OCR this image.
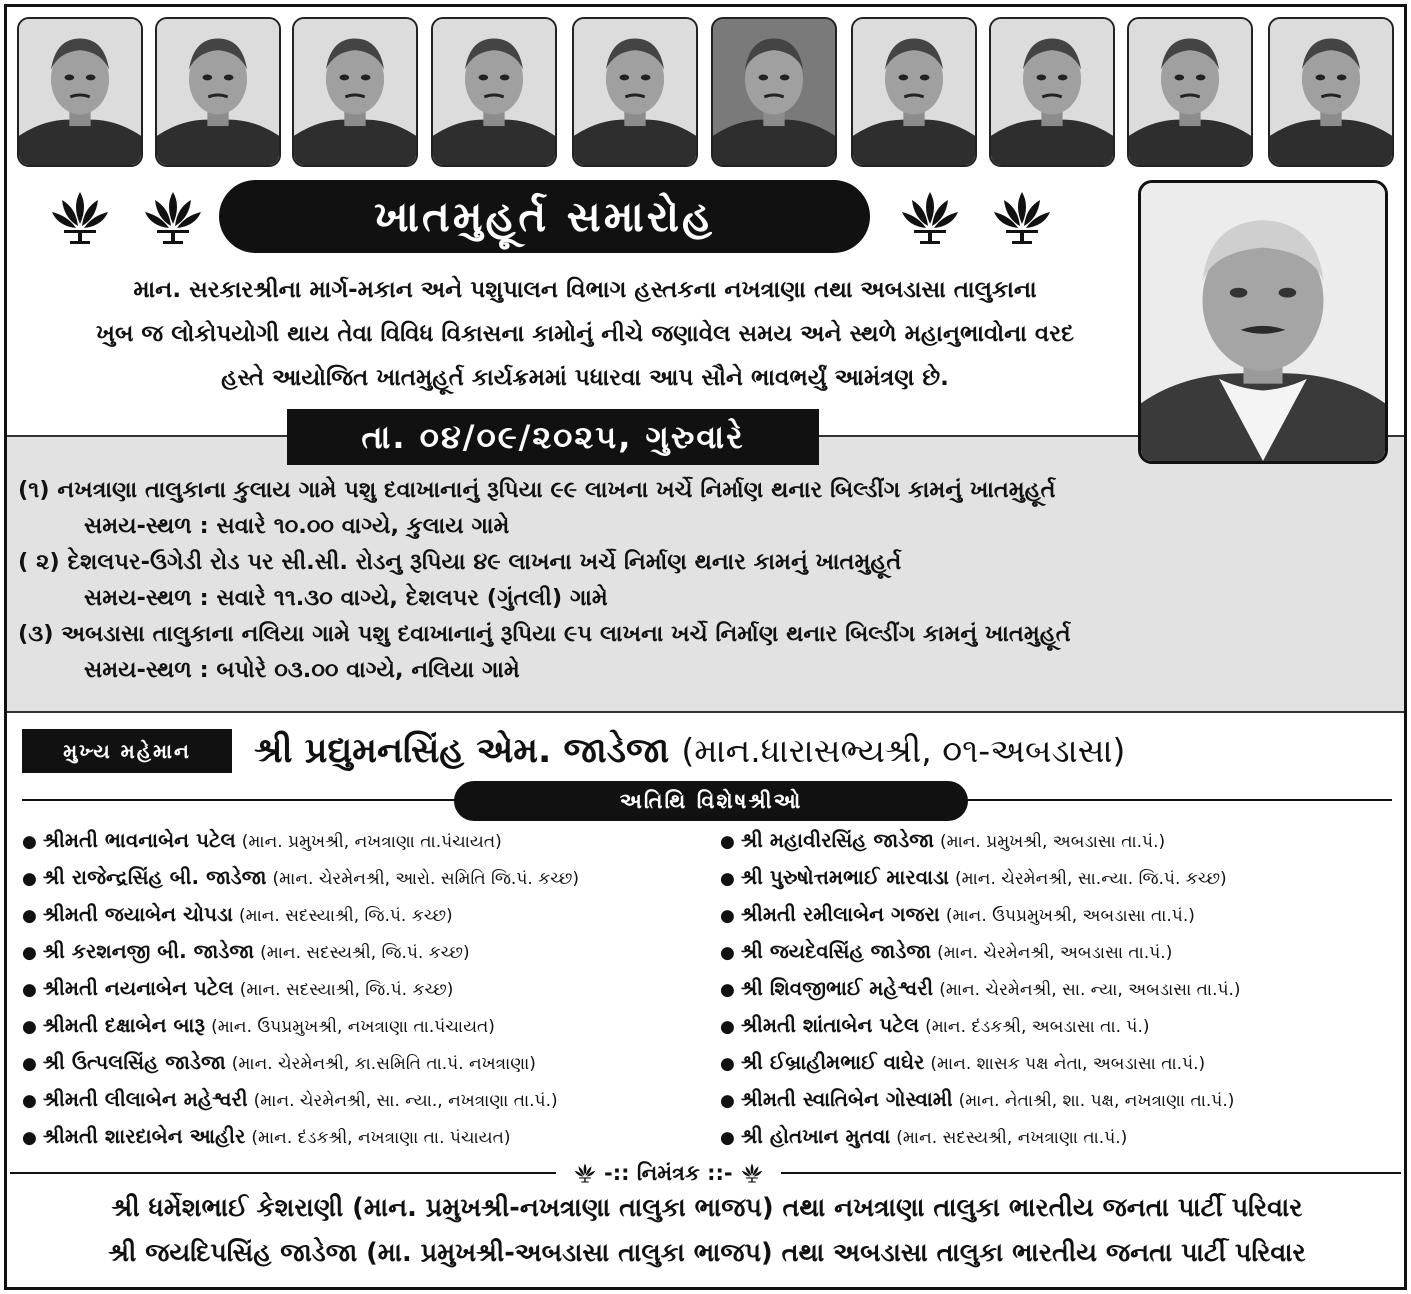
ખાતમુહૂર્ત સમારોહ
માન. સરકારશ્રીના માર્ગ-મકાન અને પશુપાલન વિભાગ હસ્તકના નખત્રાણા તથા અબડાસા તાલુકાના
ખુબ જ લોકોપયોગી થાય તેવા વિવિધ વિકાસના કામોનું નીચે જણાવેલ સમય અને સ્થળે મહાનુભાવોના વરદ
હસ્તે આયોજિત ખાતમુહૂર્ત કાર્યક્રમમાં પધારવા આપ સૌને ભાવભર્યું આમંત્રણ છે.
તા. ૦૪/૦૯/૨૦૨૫, ગુરુવારે
(૧) નખત્રાણા તાલુકાના કુલાય ગામે પશુ દવાખાનાનું રૂપિયા ૯૯ લાખના ખર્ચે નિર્માણ થનાર બિલ્ડીંગ કામનું ખાતમુહૂર્ત
સમય-સ્થળ : સવારે ૧૦.૦૦ વાગ્યે, કુલાય ગામે
( ૨) દેશલપર-ઉગેડી રોડ પર સી.સી. રોડનુ રૂપિયા ૪૯ લાખના ખર્ચે નિર્માણ થનાર કામનું ખાતમુહૂર્ત
સમય-સ્થળ : સવારે ૧૧.૩૦ વાગ્યે, દેશલપર (ગુંતલી) ગામે
(૩) અબડાસા તાલુકાના નલિયા ગામે પશુ દવાખાનાનું રૂપિયા ૯૫ લાખના ખર્ચે નિર્માણ થનાર બિલ્ડીંગ કામનું ખાતમુહૂર્ત
સમય-સ્થળ : બપોરે ૦૩.૦૦ વાગ્યે, નલિયા ગામે
મુખ્ય મહેમાન	શ્રી પ્રદ્યુમનસિંહ એમ. જાડેજા (માન.ધારાસભ્યશ્રી, ૦૧-અબડાસા)
અતિથિ વિશેષશ્રીઓ
● શ્રીમતી ભાવનાબેન પટેલ (માન. પ્રમુખશ્રી, નખત્રાણા તા.પંચાયત)
● શ્રી રાજેન્દ્રસિંહ બી. જાડેજા (માન. ચેરમેનશ્રી, આરો. સમિતિ જિ.પં. કચ્છ)
● શ્રીમતી જયાબેન ચોપડા (માન. સદસ્યાશ્રી, જિ.પં. કચ્છ)
● શ્રી કરશનજી બી. જાડેજા (માન. સદસ્યશ્રી, જિ.પં. કચ્છ)
● શ્રીમતી નયનાબેન પટેલ (માન. સદસ્યાશ્રી, જિ.પં. કચ્છ)
● શ્રીમતી દક્ષાબેન બારૂ (માન. ઉપપ્રમુખશ્રી, નખત્રાણા તા.પંચાયત)
● શ્રી ઉત્પલસિંહ જાડેજા (માન. ચેરમેનશ્રી, કા.સમિતિ તા.પં. નખત્રાણા)
● શ્રીમતી લીલાબેન મહેશ્વરી (માન. ચેરમેનશ્રી, સા. ન્યા., નખત્રાણા તા.પં.)
● શ્રીમતી શારદાબેન આહીર (માન. દંડકશ્રી, નખત્રાણા તા. પંચાયત)
● શ્રી મહાવીરસિંહ જાડેજા (માન. પ્રમુખશ્રી, અબડાસા તા.પં.)
● શ્રી પુરુષોત્તમભાઈ મારવાડા (માન. ચેરમેનશ્રી, સા.ન્યા. જિ.પં. કચ્છ)
● શ્રીમતી રમીલાબેન ગજરા (માન. ઉપપ્રમુખશ્રી, અબડાસા તા.પં.)
● શ્રી જયદેવસિંહ જાડેજા (માન. ચેરમેનશ્રી, અબડાસા તા.પં.)
● શ્રી શિવજીભાઈ મહેશ્વરી (માન. ચેરમેનશ્રી, સા. ન્યા, અબડાસા તા.પં.)
● શ્રીમતી શાંતાબેન પટેલ (માન. દંડકશ્રી, અબડાસા તા. પં.)
● શ્રી ઈબ્રાહીમભાઈ વાઘેર (માન. શાસક પક્ષ નેતા, અબડાસા તા.પં.)
● શ્રીમતી સ્વાતિબેન ગોસ્વામી (માન. નેતાશ્રી, શા. પક્ષ, નખત્રાણા તા.પં.)
● શ્રી હોતખાન મુતવા (માન. સદસ્યશ્રી, નખત્રાણા તા.પં.)
-:: નિમંત્રક ::-
શ્રી ધર્મેશભાઈ કેશરાણી (માન. પ્રમુખશ્રી-નખત્રાણા તાલુકા ભાજપ) તથા નખત્રાણા તાલુકા ભારતીય જનતા પાર્ટી પરિવાર
શ્રી જયદિપસિંહ જાડેજા (મા. પ્રમુખશ્રી-અબડાસા તાલુકા ભાજપ) તથા અબડાસા તાલુકા ભારતીય જનતા પાર્ટી પરિવાર
